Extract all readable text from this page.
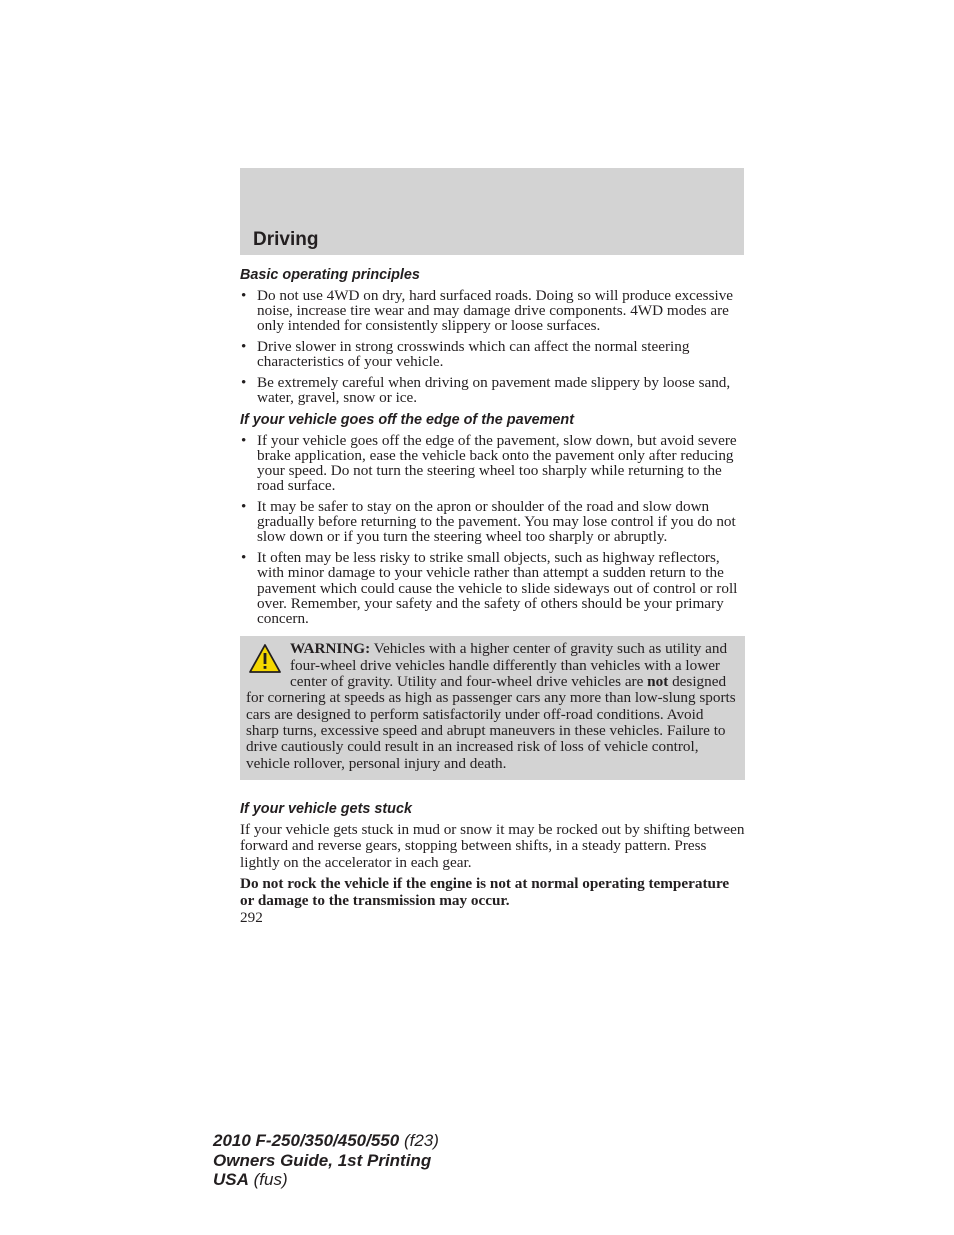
Driving
Basic operating principles
• Do not use 4WD on dry, hard surfaced roads. Doing so will produce excessive noise, increase tire wear and may damage drive components. 4WD modes are only intended for consistently slippery or loose surfaces.
• Drive slower in strong crosswinds which can affect the normal steering characteristics of your vehicle.
• Be extremely careful when driving on pavement made slippery by loose sand, water, gravel, snow or ice.
If your vehicle goes off the edge of the pavement
• If your vehicle goes off the edge of the pavement, slow down, but avoid severe brake application, ease the vehicle back onto the pavement only after reducing your speed. Do not turn the steering wheel too sharply while returning to the road surface.
• It may be safer to stay on the apron or shoulder of the road and slow down gradually before returning to the pavement. You may lose control if you do not slow down or if you turn the steering wheel too sharply or abruptly.
• It often may be less risky to strike small objects, such as highway reflectors, with minor damage to your vehicle rather than attempt a sudden return to the pavement which could cause the vehicle to slide sideways out of control or roll over. Remember, your safety and the safety of others should be your primary concern.
WARNING: Vehicles with a higher center of gravity such as utility and four-wheel drive vehicles handle differently than vehicles with a lower center of gravity. Utility and four-wheel drive vehicles are not designed for cornering at speeds as high as passenger cars any more than low-slung sports cars are designed to perform satisfactorily under off-road conditions. Avoid sharp turns, excessive speed and abrupt maneuvers in these vehicles. Failure to drive cautiously could result in an increased risk of loss of vehicle control, vehicle rollover, personal injury and death.
If your vehicle gets stuck

If your vehicle gets stuck in mud or snow it may be rocked out by shifting between forward and reverse gears, stopping between shifts, in a steady pattern. Press lightly on the accelerator in each gear.

Do not rock the vehicle if the engine is not at normal operating temperature or damage to the transmission may occur.

292
2010 F-250/350/450/550 (f23)
Owners Guide, 1st Printing
USA (fus)
